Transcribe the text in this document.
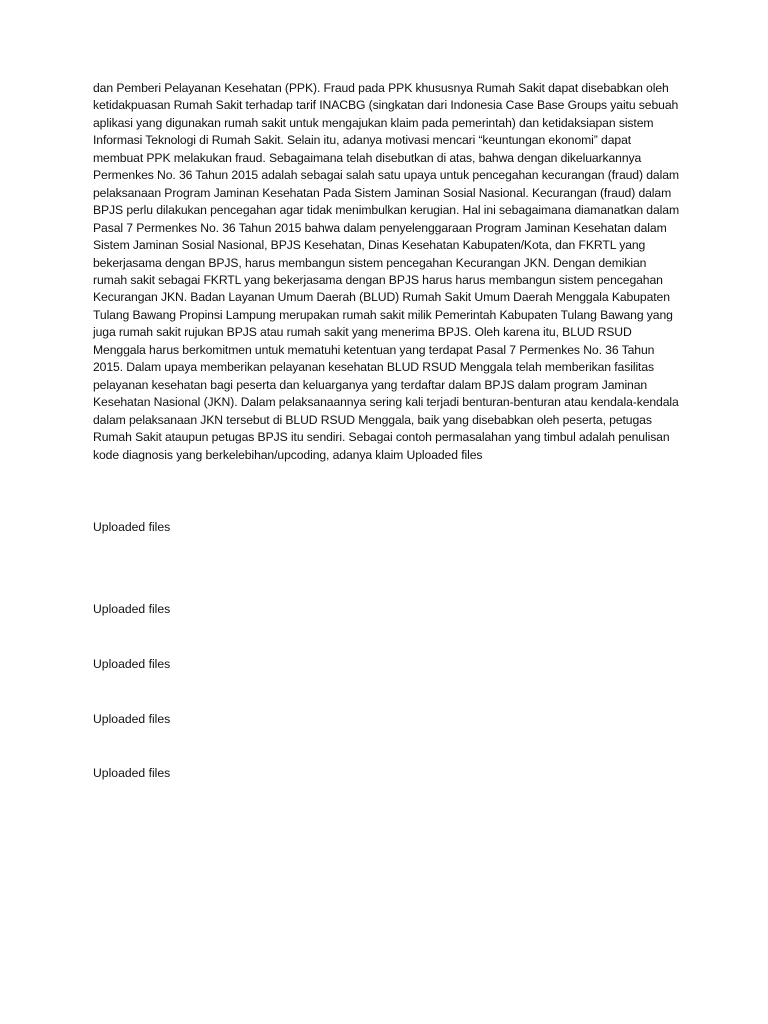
dan Pemberi Pelayanan Kesehatan (PPK). Fraud pada PPK khususnya Rumah Sakit dapat disebabkan oleh ketidakpuasan Rumah Sakit terhadap tarif INACBG (singkatan dari Indonesia Case Base Groups yaitu sebuah aplikasi yang digunakan rumah sakit untuk mengajukan klaim pada pemerintah) dan ketidaksiapan sistem Informasi Teknologi di Rumah Sakit. Selain itu, adanya motivasi mencari “keuntungan ekonomi” dapat membuat PPK melakukan fraud. Sebagaimana telah disebutkan di atas, bahwa dengan dikeluarkannya Permenkes No. 36 Tahun 2015 adalah sebagai salah satu upaya untuk pencegahan kecurangan (fraud) dalam pelaksanaan Program Jaminan Kesehatan Pada Sistem Jaminan Sosial Nasional. Kecurangan (fraud) dalam BPJS perlu dilakukan pencegahan agar tidak menimbulkan kerugian. Hal ini sebagaimana diamanatkan dalam Pasal 7 Permenkes No. 36 Tahun 2015 bahwa dalam penyelenggaraan Program Jaminan Kesehatan dalam Sistem Jaminan Sosial Nasional, BPJS Kesehatan, Dinas Kesehatan Kabupaten/Kota, dan FKRTL yang bekerjasama dengan BPJS, harus membangun sistem pencegahan Kecurangan JKN. Dengan demikian rumah sakit sebagai FKRTL yang bekerjasama dengan BPJS harus harus membangun sistem pencegahan Kecurangan JKN. Badan Layanan Umum Daerah (BLUD) Rumah Sakit Umum Daerah Menggala Kabupaten Tulang Bawang Propinsi Lampung merupakan rumah sakit milik Pemerintah Kabupaten Tulang Bawang yang juga rumah sakit rujukan BPJS atau rumah sakit yang menerima BPJS. Oleh karena itu, BLUD RSUD Menggala harus berkomitmen untuk mematuhi ketentuan yang terdapat Pasal 7 Permenkes No. 36 Tahun 2015. Dalam upaya memberikan pelayanan kesehatan BLUD RSUD Menggala telah memberikan fasilitas pelayanan kesehatan bagi peserta dan keluarganya yang terdaftar dalam BPJS dalam program Jaminan Kesehatan Nasional (JKN). Dalam pelaksanaannya sering kali terjadi benturan-benturan atau kendala-kendala dalam pelaksanaan JKN tersebut di BLUD RSUD Menggala, baik yang disebabkan oleh peserta, petugas Rumah Sakit ataupun petugas BPJS itu sendiri. Sebagai contoh permasalahan yang timbul adalah penulisan kode diagnosis yang berkelebihan/upcoding, adanya klaim Uploaded files

Uploaded files

Uploaded files

Uploaded files

Uploaded files

Uploaded files
